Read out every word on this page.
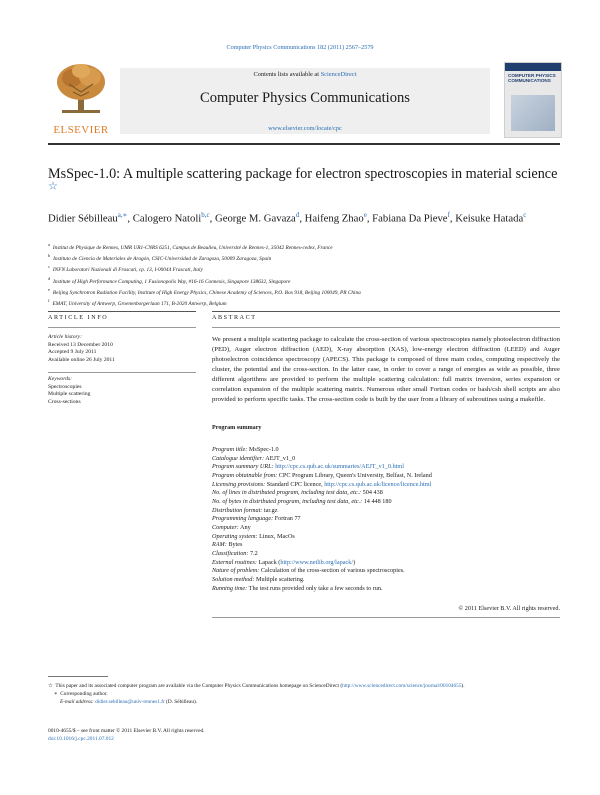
Computer Physics Communications 182 (2011) 2567–2579
ELSEVIER
Contents lists available at ScienceDirect
Computer Physics Communications
www.elsevier.com/locate/cpc
COMPUTER PHYSICS COMMUNICATIONS
MsSpec-1.0: A multiple scattering package for electron spectroscopies in material science ☆
Didier Sébilleau$^{a,∗}$, Calogero Natoli$^{b,c}$, George M. Gavaza$^d$, Haifeng Zhao$^e$, Fabiana Da Pieve$^f$, Keisuke Hatada$^c$
$^a$Institut de Physique de Rennes, UMR UR1-CNRS 6251, Campus de Beaulieu, Université de Rennes-1, 35042 Rennes-cedex, France
$^b$Instituto de Ciencia de Materiales de Aragón, CSIC-Universidad de Zaragoza, 50009 Zaragoza, Spain
$^c$INFN Laboratori Nazionali di Frascati, cp. 13, I-00044 Frascati, Italy
$^d$Institute of High Performance Computing, 1 Fusionopolis Way, #16-16 Connexis, Singapore 138632, Singapore
$^e$Beijing Synchrotron Radiation Facility, Institute of High Energy Physics, Chinese Academy of Sciences, P.O. Box 918, Beijing 100049, PR China
$^f$EMAT, University of Antwerp, Groenenborgerlaan 171, B-2020 Antwerp, Belgium
ARTICLE INFO
Article history:
Received 13 December 2010
Accepted 9 July 2011
Available online 26 July 2011
Keywords:
Spectroscopies
Multiple scattering
Cross-sections
ABSTRACT
We present a multiple scattering package to calculate the cross-section of various spectroscopies namely photoelectron diffraction (PED), Auger electron diffraction (AED), X-ray absorption (XAS), low-energy electron diffraction (LEED) and Auger photoelectron coincidence spectroscopy (APECS). This package is composed of three main codes, computing respectively the cluster, the potential and the cross-section. In the latter case, in order to cover a range of energies as wide as possible, three different algorithms are provided to perform the multiple scattering calculation: full matrix inversion, series expansion or correlation expansion of the multiple scattering matrix. Numerous other small Fortran codes or bash/csh shell scripts are also provided to perform specific tasks. The cross-section code is built by the user from a library of subroutines using a makefile.
Program summary
Program title: MsSpec-1.0
Catalogue identifier: AEJT_v1_0
Program summary URL: http://cpc.cs.qub.ac.uk/summaries/AEJT_v1_0.html
Program obtainable from: CPC Program Library, Queen's University, Belfast, N. Ireland
Licensing provisions: Standard CPC licence, http://cpc.cs.qub.ac.uk/licence/licence.html
No. of lines in distributed program, including test data, etc.: 504 438
No. of bytes in distributed program, including test data, etc.: 14 448 180
Distribution format: tar.gz
Programming language: Fortran 77
Computer: Any
Operating system: Linux, MacOs
RAM: Bytes
Classification: 7.2
External routines: Lapack (http://www.netlib.org/lapack/)
Nature of problem: Calculation of the cross-section of various spectroscopies.
Solution method: Multiple scattering.
Running time: The test runs provided only take a few seconds to run.
© 2011 Elsevier B.V. All rights reserved.
☆ This paper and its associated computer program are available via the Computer Physics Communications homepage on ScienceDirect (http://www.sciencedirect.com/science/journal/00104655).
∗ Corresponding author.
E-mail address: didier.sebilleau@univ-rennes1.fr (D. Sébilleau).
0010-4655/$ – see front matter © 2011 Elsevier B.V. All rights reserved.
doi:10.1016/j.cpc.2011.07.012
